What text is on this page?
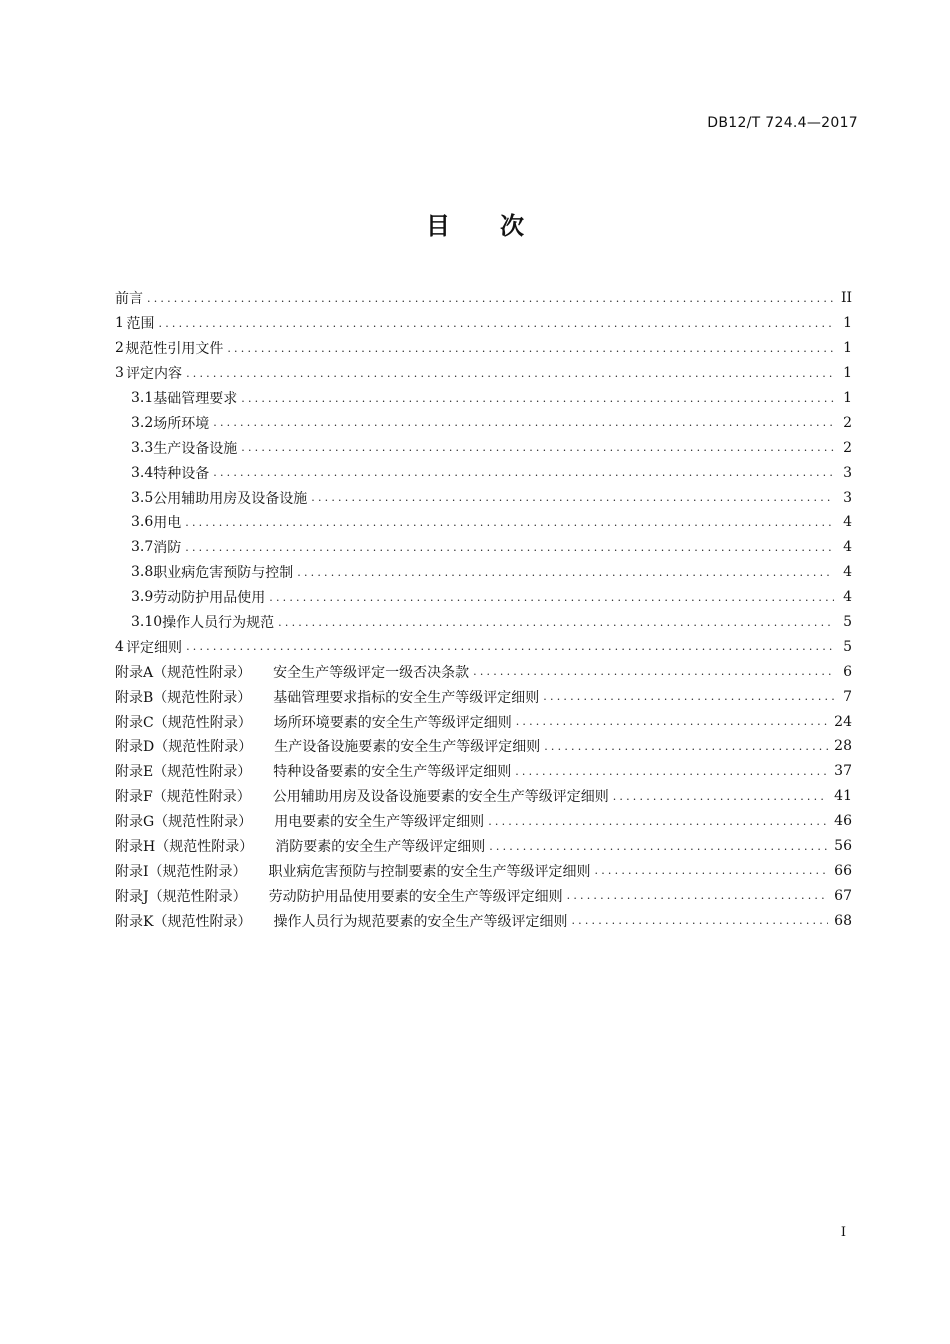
DB12/T 724.4—2017
目 次
前言 .....	II
1 范围 .....	1
2 规范性引用文件 .....	1
3 评定内容 .....	1
3.1 基础管理要求 .....	1
3.2 场所环境 .....	2
3.3 生产设备设施 .....	2
3.4 特种设备 .....	3
3.5 公用辅助用房及设备设施 .....	3
3.6 用电 .....	4
3.7 消防 .....	4
3.8 职业病危害预防与控制 .....	4
3.9 劳动防护用品使用 .....	4
3.10 操作人员行为规范 .....	5
4 评定细则 .....	5
附录A（规范性附录） 安全生产等级评定一级否决条款 .....	6
附录B（规范性附录） 基础管理要求指标的安全生产等级评定细则 .....	7
附录C（规范性附录） 场所环境要素的安全生产等级评定细则 .....	24
附录D（规范性附录） 生产设备设施要素的安全生产等级评定细则 .....	28
附录E（规范性附录） 特种设备要素的安全生产等级评定细则 .....	37
附录F（规范性附录） 公用辅助用房及设备设施要素的安全生产等级评定细则 .....	41
附录G（规范性附录） 用电要素的安全生产等级评定细则 .....	46
附录H（规范性附录） 消防要素的安全生产等级评定细则 .....	56
附录I（规范性附录） 职业病危害预防与控制要素的安全生产等级评定细则 .....	66
附录J（规范性附录） 劳动防护用品使用要素的安全生产等级评定细则 .....	67
附录K（规范性附录） 操作人员行为规范要素的安全生产等级评定细则 .....	68
I
